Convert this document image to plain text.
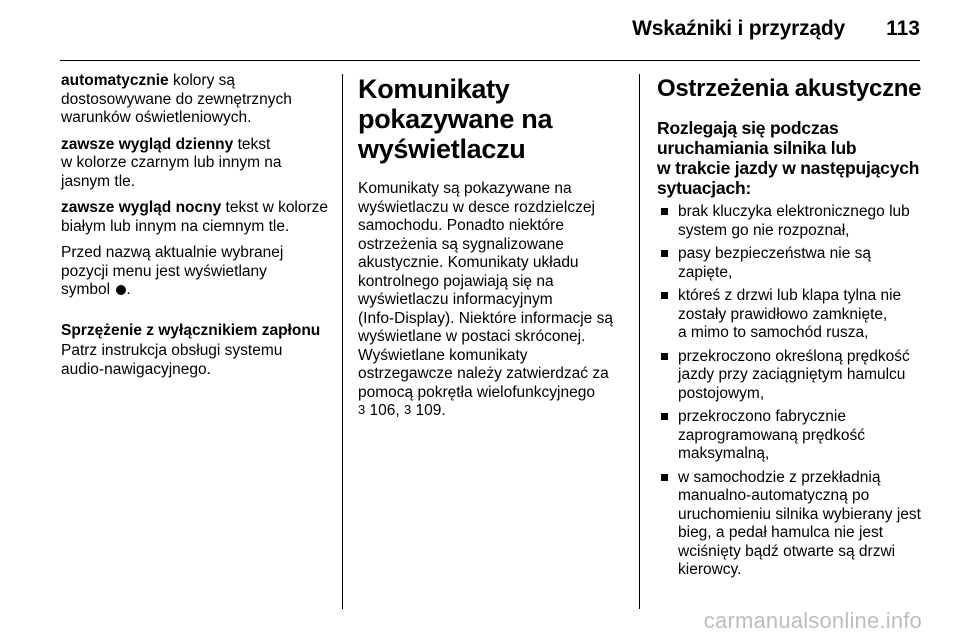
Wskaźniki i przyrządy 113

automatycznie kolory są
dostosowywane do zewnętrznych
warunków oświetleniowych.

zawsze wygląd dzienny tekst
w kolorze czarnym lub innym na
jasnym tle.

zawsze wygląd nocny tekst w kolorze
białym lub innym na ciemnym tle.

Przed nazwą aktualnie wybranej
pozycji menu jest wyświetlany
symbol .

Sprzężenie z wyłącznikiem zapłonu

Patrz instrukcja obsługi systemu
audio-nawigacyjnego.

Komunikaty
pokazywane na
wyświetlaczu

Komunikaty są pokazywane na
wyświetlaczu w desce rozdzielczej
samochodu. Ponadto niektóre
ostrzeżenia są sygnalizowane
akustycznie. Komunikaty układu
kontrolnego pojawiają się na
wyświetlaczu informacyjnym
(Info-Display). Niektóre informacje są
wyświetlane w postaci skróconej.
Wyświetlane komunikaty
ostrzegawcze należy zatwierdzać za
pomocą pokrętła wielofunkcyjnego
3 106, 3 109.

Ostrzeżenia akustyczne
Rozlegają się podczas
uruchamiania silnika lub
w trakcie jazdy w następujących
sytuacjach:
brak kluczyka elektronicznego lub
system go nie rozpoznał,
pasy bezpieczeństwa nie są
zapięte,
któreś z drzwi lub klapa tylna nie
zostały prawidłowo zamknięte,
a mimo to samochód rusza,
przekroczono określoną prędkość
jazdy przy zaciągniętym hamulcu
postojowym,
przekroczono fabrycznie
zaprogramowaną prędkość
maksymalną,
w samochodzie z przekładnią
manualno-automatyczną po
uruchomieniu silnika wybierany jest
bieg, a pedał hamulca nie jest
wciśnięty bądź otwarte są drzwi
kierowcy.
carmanualsonline.info
